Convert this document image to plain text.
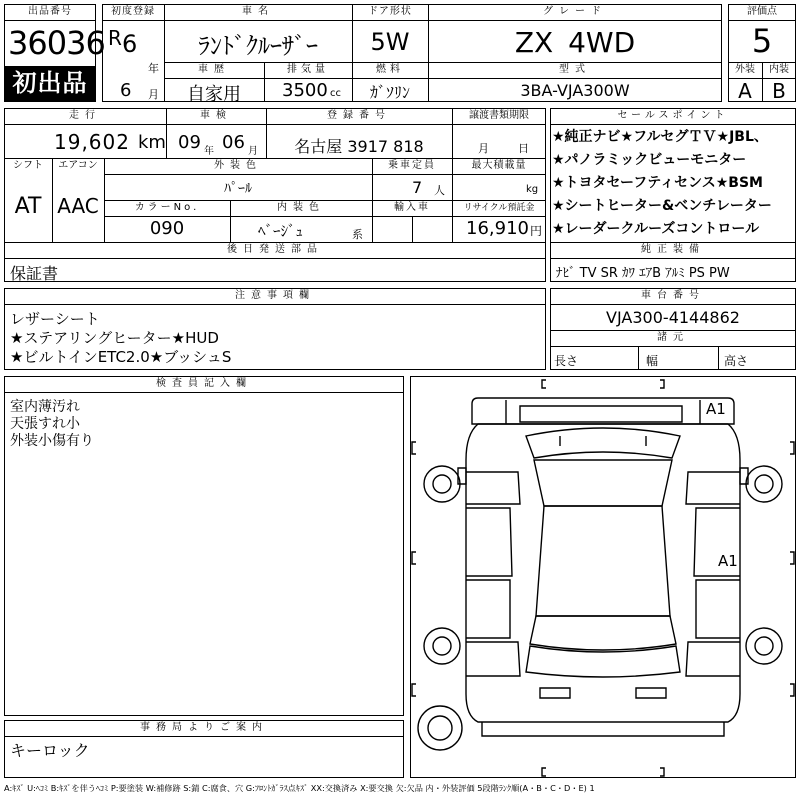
出品番号
36036
初出品
初度登録
R 6
年
6 月
車名
ﾗﾝﾄﾞｸﾙｰｻﾞｰ
ドア形状
5W
グレード
ZX 4WD
車歴
自家用
排気量
3500 cc
燃料
ｶﾞｿﾘﾝ
型式
3BA-VJA300W
評価点
5
外装	内装
A	B
走行
19,602 km
車検
09 年 06 月
登録番号
名古屋 3917 818
譲渡書類期限
月	日
シフト
AT
エアコン
AAC
外装色
ﾊﾟｰﾙ
乗車定員
7 人
最大積載量
kg
カラーNo.
090
内装色
ﾍﾞｰｼﾞｭ	系
輸入車	リサイクル預託金
16,910 円
後日発送部品
保証書
セールスポイント
★純正ナビ★フルセグＴＶ★JBL、
★パノラミックビューモニター
★トヨタセーフティセンス★BSM
★シートヒーター&ベンチレーター
★レーダークルーズコントロール
純正装備
ﾅﾋﾞ TV SR ｶﾜ ｴｱB ｱﾙﾐ PS PW
注意事項欄
レザーシート
★ステアリングヒーター★HUD
★ビルトインETC2.0★ブッシュS
車台番号
VJA300-4144862
諸元
長さ	幅	高さ
検査員記入欄
室内薄汚れ
天張すれ小
外装小傷有り
事務局よりご案内
キーロック
A1
A1
A:ｷｽﾞ U:ﾍｺﾐ B:ｷｽﾞを伴うﾍｺﾐ P:要塗装 W:補修跡 S:錆 C:腐食、穴 G:ﾌﾛﾝﾄｶﾞﾗｽ点ｷｽﾞ XX:交換済み X:要交換 欠:欠品 内・外装評価 5段階ﾗﾝｸ順(A・B・C・D・E) 1
